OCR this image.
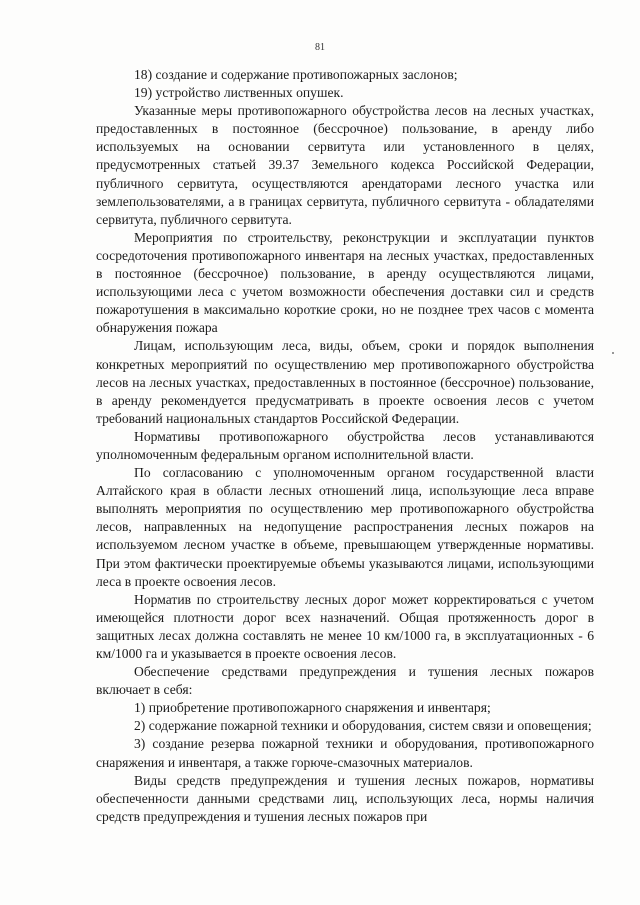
81

18) создание и содержание противопожарных заслонов;

19) устройство лиственных опушек.

Указанные меры противопожарного обустройства лесов на лесных участках, предоставленных в постоянное (бессрочное) пользование, в аренду либо используемых на основании сервитута или установленного в целях, предусмотренных статьей 39.37 Земельного кодекса Российской Федерации, публичного сервитута, осуществляются арендаторами лесного участка или землепользователями, а в границах сервитута, публичного сервитута - обладателями сервитута, публичного сервитута.

Мероприятия по строительству, реконструкции и эксплуатации пунктов сосредоточения противопожарного инвентаря на лесных участках, предоставленных в постоянное (бессрочное) пользование, в аренду осуществляются лицами, использующими леса с учетом возможности обеспечения доставки сил и средств пожаротушения в максимально короткие сроки, но не позднее трех часов с момента обнаружения пожара

Лицам, использующим леса, виды, объем, сроки и порядок выполнения конкретных мероприятий по осуществлению мер противопожарного обустройства лесов на лесных участках, предоставленных в постоянное (бессрочное) пользование, в аренду рекомендуется предусматривать в проекте освоения лесов с учетом требований национальных стандартов Российской Федерации.

Нормативы противопожарного обустройства лесов устанавливаются уполномоченным федеральным органом исполнительной власти.

По согласованию с уполномоченным органом государственной власти Алтайского края в области лесных отношений лица, использующие леса вправе выполнять мероприятия по осуществлению мер противопожарного обустройства лесов, направленных на недопущение распространения лесных пожаров на используемом лесном участке в объеме, превышающем утвержденные нормативы. При этом фактически проектируемые объемы указываются лицами, использующими леса в проекте освоения лесов.

Норматив по строительству лесных дорог может корректироваться с учетом имеющейся плотности дорог всех назначений. Общая протяженность дорог в защитных лесах должна составлять не менее 10 км/1000 га, в эксплуатационных - 6 км/1000 га и указывается в проекте освоения лесов.

Обеспечение средствами предупреждения и тушения лесных пожаров включает в себя:

1) приобретение противопожарного снаряжения и инвентаря;

2) содержание пожарной техники и оборудования, систем связи и оповещения;

3) создание резерва пожарной техники и оборудования, противопожарного снаряжения и инвентаря, а также горюче-смазочных материалов.

Виды средств предупреждения и тушения лесных пожаров, нормативы обеспеченности данными средствами лиц, использующих леса, нормы наличия средств предупреждения и тушения лесных пожаров при
